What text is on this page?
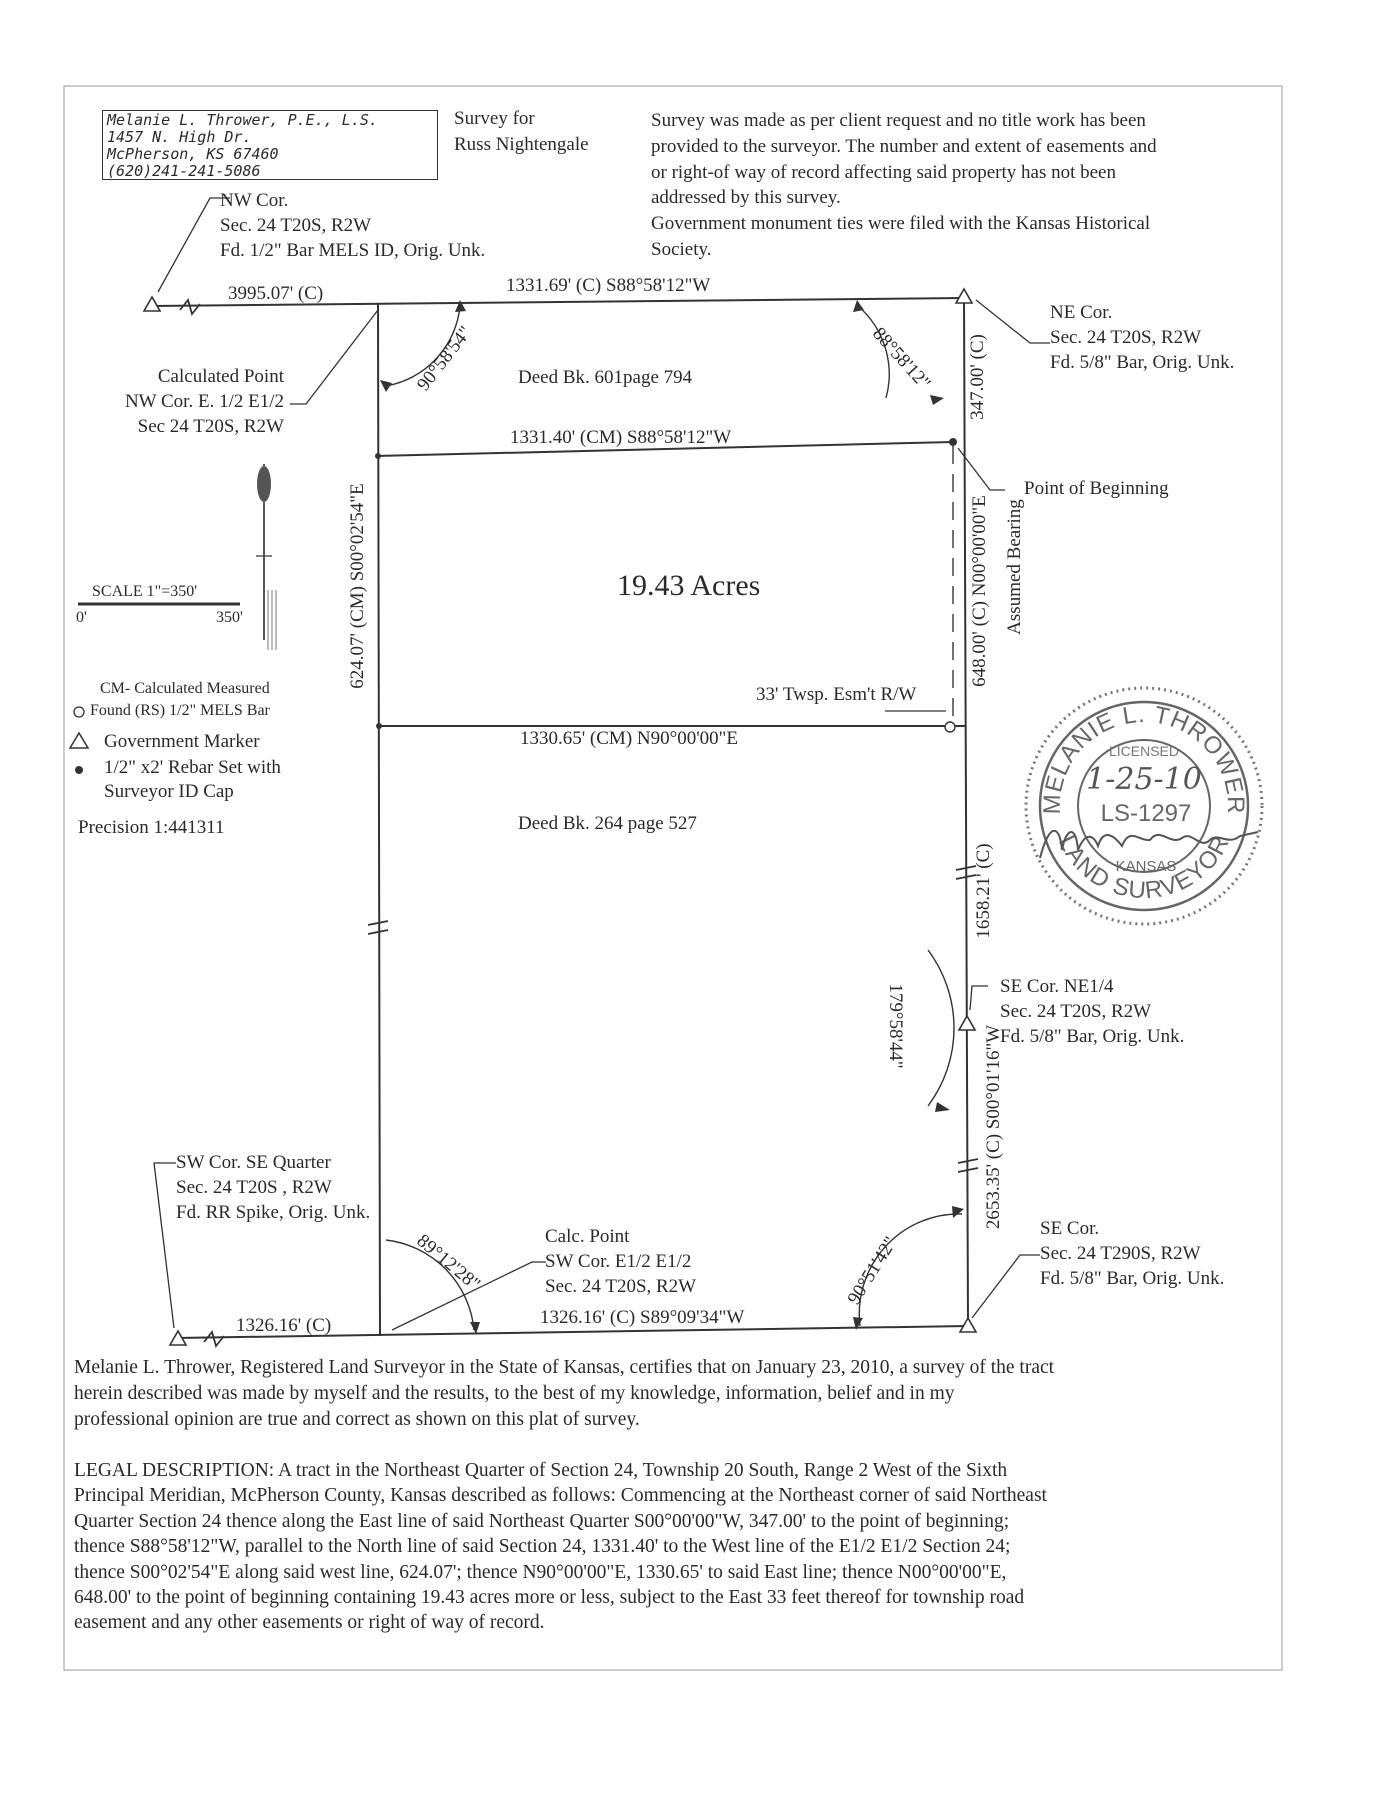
MELANIE L. THROWER
LAND SURVEYOR
LICENSED
1-25-10
LS-1297
KANSAS
Melanie L. Thrower, P.E., L.S.
1457 N. High Dr.
McPherson, KS 67460
(620)241-241-5086
Survey for
Russ Nightengale
Survey was made as per client request and no title work has been
provided to the surveyor. The number and extent of easements and
or right-of way of record affecting said property has not been
addressed by this survey.
Government monument ties were filed with the Kansas Historical
Society.
NW Cor.
Sec. 24 T20S, R2W
Fd. 1/2" Bar MELS ID, Orig. Unk.
NE Cor.
Sec. 24 T20S, R2W
Fd. 5/8" Bar, Orig. Unk.
Calculated Point
NW Cor. E. 1/2 E1/2
Sec 24 T20S, R2W
Point of Beginning
SE Cor. NE1/4
Sec. 24 T20S, R2W
Fd. 5/8" Bar, Orig. Unk.
SW Cor. SE Quarter
Sec. 24 T20S , R2W
Fd. RR Spike, Orig. Unk.
Calc. Point
SW Cor. E1/2 E1/2
Sec. 24 T20S, R2W
SE Cor.
Sec. 24 T290S, R2W
Fd. 5/8" Bar, Orig. Unk.
3995.07' (C)	1331.69' (C) S88°58'12"W
1331.40' (CM) S88°58'12"W
1330.65' (CM) N90°00'00"E
1326.16' (C)	1326.16' (C) S89°09'34"W
33' Twsp. Esm't R/W
624.07' (CM) S00°02'54"E	648.00' (C) N00°00'00"E Assumed Bearing
347.00' (C)
1658.21' (C)
2653.35' (C) S00°01'16"W
90°58'54"	88°58'12"
179°58'44"
89°12'28"	90°51'42"
Deed Bk. 601page 794
19.43 Acres
Deed Bk. 264 page 527
SCALE 1"=350'
0'	350'
CM- Calculated Measured
Found (RS) 1/2" MELS Bar
Government Marker
1/2" x2' Rebar Set with
Surveyor ID Cap
Precision 1:441311
Melanie L. Thrower, Registered Land Surveyor in the State of Kansas, certifies that on January 23, 2010, a survey of the tract
herein described was made by myself and the results, to the best of my knowledge, information, belief and in my
professional opinion are true and correct as shown on this plat of survey.
LEGAL DESCRIPTION: A tract in the Northeast Quarter of Section 24, Township 20 South, Range 2 West of the Sixth
Principal Meridian, McPherson County, Kansas described as follows: Commencing at the Northeast corner of said Northeast
Quarter Section 24 thence along the East line of said Northeast Quarter S00°00'00"W, 347.00' to the point of beginning;
thence S88°58'12"W, parallel to the North line of said Section 24, 1331.40' to the West line of the E1/2 E1/2 Section 24;
thence S00°02'54"E along said west line, 624.07'; thence N90°00'00"E, 1330.65' to said East line; thence N00°00'00"E,
648.00' to the point of beginning containing 19.43 acres more or less, subject to the East 33 feet thereof for township road
easement and any other easements or right of way of record.
